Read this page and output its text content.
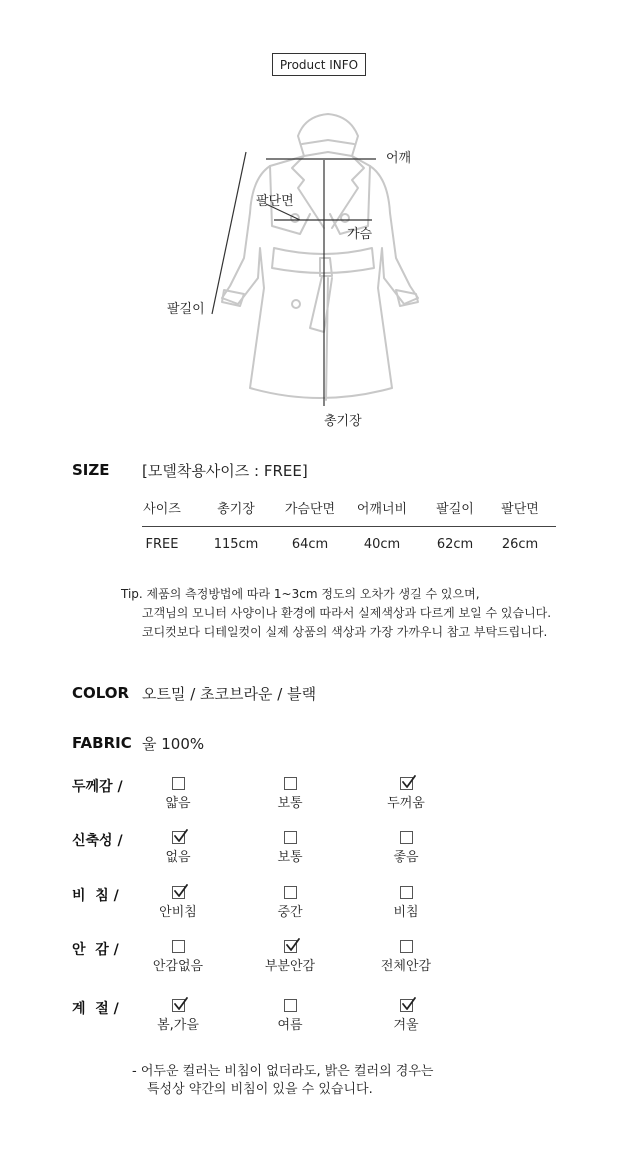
Product INFO
어깨
팔단면
가슴
팔길이
총기장
SIZE [모델착용사이즈 : FREE]
사이즈	총기장	가슴단면	어깨너비	팔길이	팔단면
FREE	115cm	64cm	40cm	62cm	26cm
Tip. 제품의 측정방법에 따라 1~3cm 정도의 오차가 생길 수 있으며,
고객님의 모니터 사양이나 환경에 따라서 실제색상과 다르게 보일 수 있습니다.
코디컷보다 디테일컷이 실제 상품의 색상과 가장 가까우니 참고 부탁드립니다.
COLOR 오트밀 / 초코브라운 / 블랙
FABRIC 울 100%
두께감 /
얇음	보통	두꺼움
신축성 /
없음	보통	좋음
비  침 /
안비침	중간	비침
안  감 /
안감없음	부분안감	전체안감
계  절 /
봄,가을	여름	겨울
- 어두운 컬러는 비침이 없더라도, 밝은 컬러의 경우는
특성상 약간의 비침이 있을 수 있습니다.
